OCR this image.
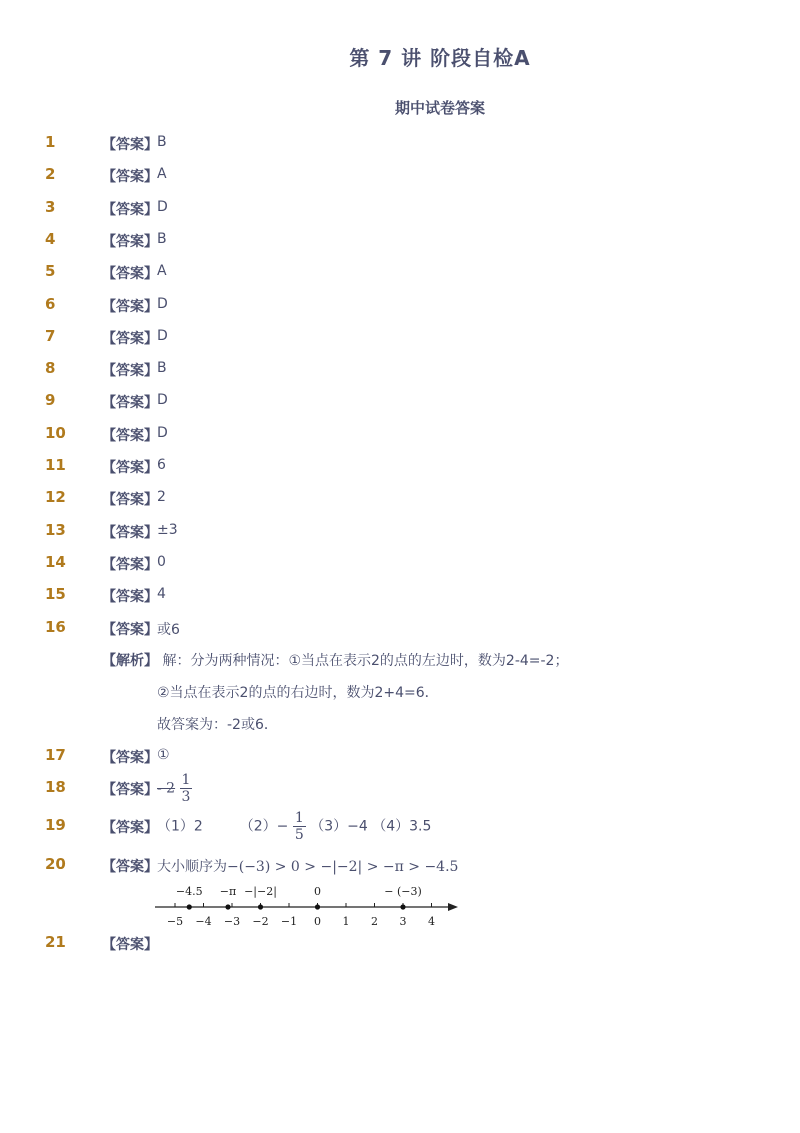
第 7 讲 阶段自检A
期中试卷答案
1	【答案】 B
2	【答案】 A
3	【答案】 D
4	【答案】 B
5	【答案】 A
6	【答案】 D
7	【答案】 D
8	【答案】 B
9	【答案】 D
10	【答案】 D
11	【答案】 6
12	【答案】 2
13	【答案】 ±3
14	【答案】 0
15	【答案】 4
16	【答案】 或6
【解析】 解：分为两种情况：①当点在表示2的点的左边时，数为2-4=-2；
②当点在表示2的点的右边时，数为2+4=6．
故答案为：-2或6．
17	【答案】 ①
18	【答案】 - $2 \frac{1}{3}$
19	【答案】 （1）2	$(2)- \frac{1}{5} (3)-4$ （4）3.5
20	【答案】 大小顺序为−(−3) > 0 > −|−2| > −π > −4.5
−5 −4 −3 −2 −1 0 1 2 3 4
−4.5 −π −|−2|	0	− (−3)
21	【答案】
